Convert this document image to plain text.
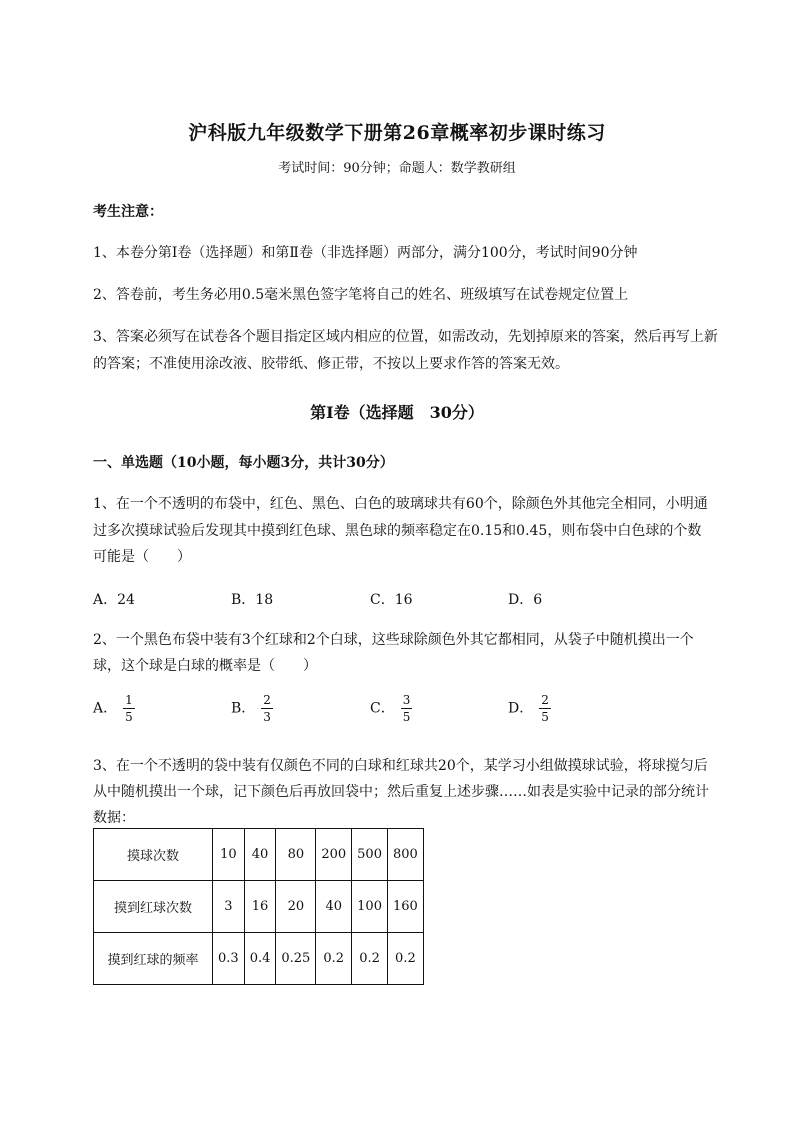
沪科版九年级数学下册第26章概率初步课时练习
考试时间：90分钟；命题人：数学教研组
考生注意：
1、本卷分第I卷（选择题）和第Ⅱ卷（非选择题）两部分，满分100分，考试时间90分钟
2、答卷前，考生务必用0.5毫米黑色签字笔将自己的姓名、班级填写在试卷规定位置上
3、答案必须写在试卷各个题目指定区域内相应的位置，如需改动，先划掉原来的答案，然后再写上新
的答案；不准使用涂改液、胶带纸、修正带，不按以上要求作答的答案无效。
第I卷（选择题　30分）
一、单选题（10小题，每小题3分，共计30分）
1、在一个不透明的布袋中，红色、黑色、白色的玻璃球共有60个，除颜色外其他完全相同，小明通
过多次摸球试验后发现其中摸到红色球、黑色球的频率稳定在0.15和0.45，则布袋中白色球的个数
可能是（　　）
A．24	B．18	C．16	D．6
2、一个黑色布袋中装有3个红球和2个白球，这些球除颜色外其它都相同，从袋子中随机摸出一个
球，这个球是白球的概率是（　　）
A． $\frac{1}{5}$	B． $\frac{2}{3}$	C． $\frac{3}{5}$	D． $\frac{2}{5}$
3、在一个不透明的袋中装有仅颜色不同的白球和红球共20个，某学习小组做摸球试验，将球搅匀后
从中随机摸出一个球，记下颜色后再放回袋中；然后重复上述步骤……如表是实验中记录的部分统计
数据：
摸球次数	10	40	80	200	500	800
摸到红球次数	3	16	20	40	100	160
摸到红球的频率	0.3	0.4	0.25	0.2	0.2	0.2
